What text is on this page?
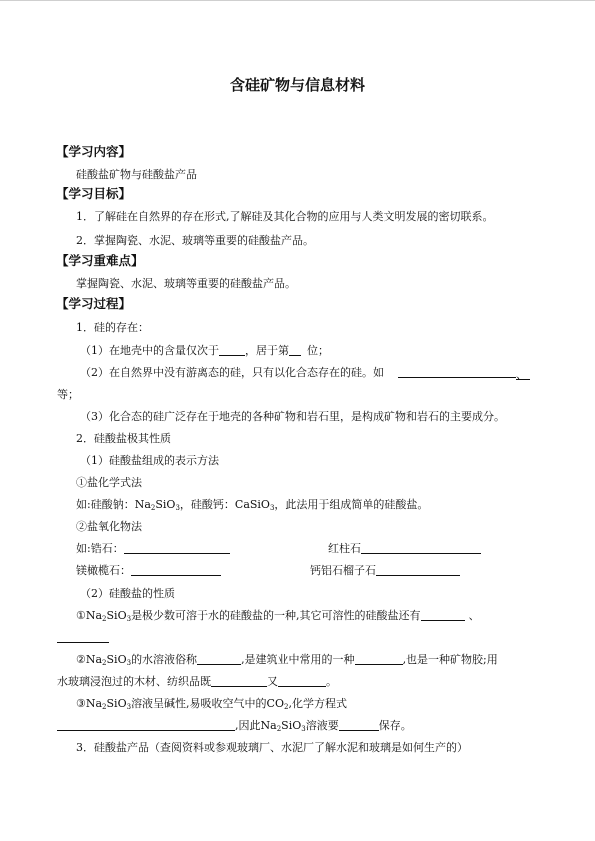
含硅矿物与信息材料
【学习内容】
硅酸盐矿物与硅酸盐产品
【学习目标】
1．了解硅在自然界的存在形式,了解硅及其化合物的应用与人类文明发展的密切联系。
2．掌握陶瓷、水泥、玻璃等重要的硅酸盐产品。
【学习重难点】
掌握陶瓷、水泥、玻璃等重要的硅酸盐产品。
【学习过程】
1．硅的存在：
（1）在地壳中的含量仅次于 ，居于第 位；
（2）在自然界中没有游离态的硅，只有以化合态存在的硅。如	、
等；
（3）化合态的硅广泛存在于地壳的各种矿物和岩石里，是构成矿物和岩石的主要成分。
2．硅酸盐极其性质
（1）硅酸盐组成的表示方法
①盐化学式法
如:硅酸钠：$Na_2SiO_3$，硅酸钙：CaSiO$_3$，此法用于组成简单的硅酸盐。
②盐氧化物法
如:锆石：	红柱石
镁橄榄石：	钙铝石榴子石
（2）硅酸盐的性质
$①Na_2SiO_3$是极少数可溶于水的硅酸盐的一种,其它可溶性的硅酸盐还有	、
$②Na_2SiO_3$的水溶液俗称	,是建筑业中常用的一种	,也是一种矿物胶;用
水玻璃浸泡过的木材、纺织品既	又	。
$③Na_2SiO_3$溶液呈碱性,易吸收空气中的$CO_2$,化学方程式
,因此$Na_2SiO_3$溶液要	保存。
3．硅酸盐产品（查阅资料或参观玻璃厂、水泥厂了解水泥和玻璃是如何生产的）
